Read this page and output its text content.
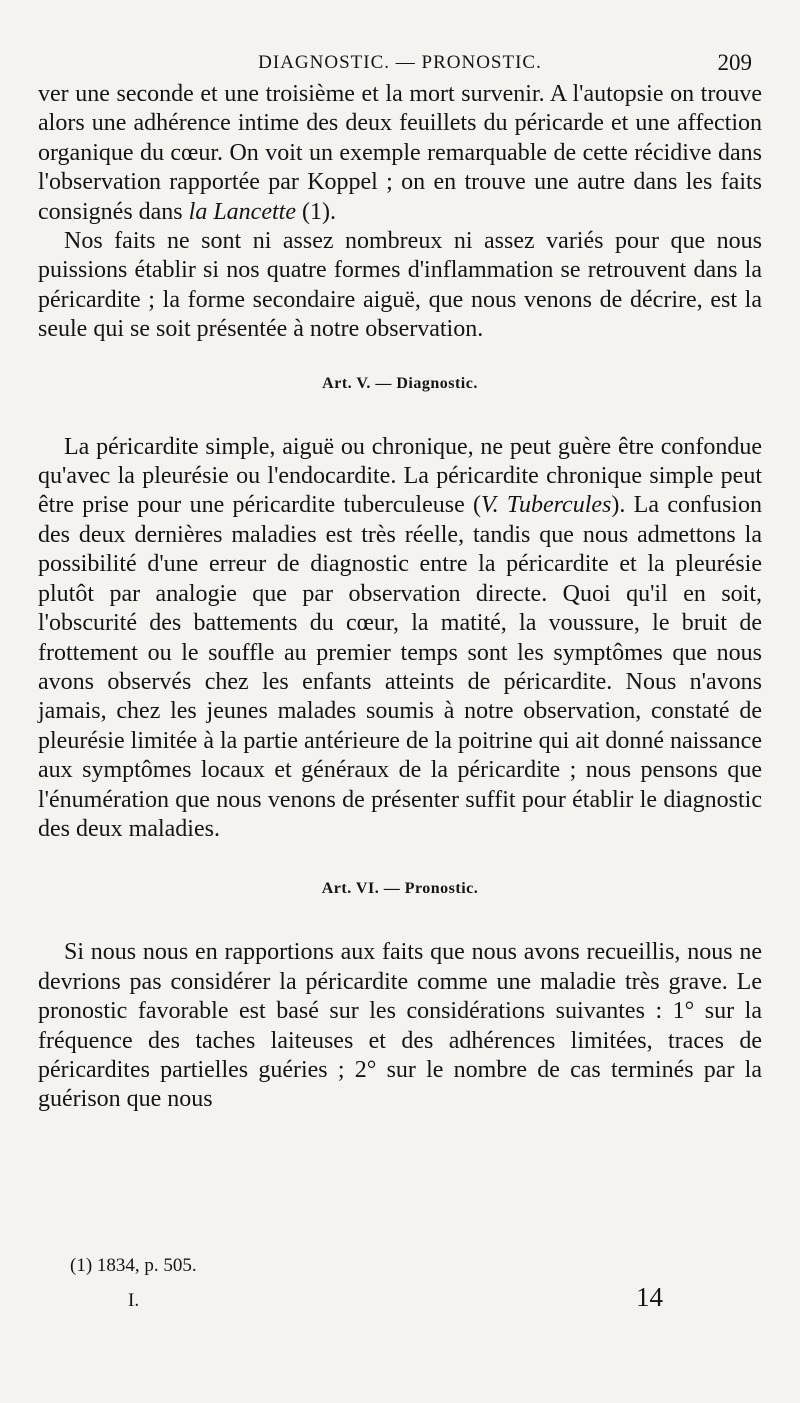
DIAGNOSTIC. — PRONOSTIC.	209

ver une seconde et une troisième et la mort survenir. A l'autopsie on trouve alors une adhérence intime des deux feuillets du péricarde et une affection organique du cœur. On voit un exemple remarquable de cette récidive dans l'observation rapportée par Koppel ; on en trouve une autre dans les faits consignés dans la Lancette (1).

Nos faits ne sont ni assez nombreux ni assez variés pour que nous puissions établir si nos quatre formes d'inflammation se retrouvent dans la péricardite ; la forme secondaire aiguë, que nous venons de décrire, est la seule qui se soit présentée à notre observation.

Art. V. — Diagnostic.

La péricardite simple, aiguë ou chronique, ne peut guère être confondue qu'avec la pleurésie ou l'endocardite. La péricardite chronique simple peut être prise pour une péricardite tuberculeuse (V. Tubercules). La confusion des deux dernières maladies est très réelle, tandis que nous admettons la possibilité d'une erreur de diagnostic entre la péricardite et la pleurésie plutôt par analogie que par observation directe. Quoi qu'il en soit, l'obscurité des battements du cœur, la matité, la voussure, le bruit de frottement ou le souffle au premier temps sont les symptômes que nous avons observés chez les enfants atteints de péricardite. Nous n'avons jamais, chez les jeunes malades soumis à notre observation, constaté de pleurésie limitée à la partie antérieure de la poitrine qui ait donné naissance aux symptômes locaux et généraux de la péricardite ; nous pensons que l'énumération que nous venons de présenter suffit pour établir le diagnostic des deux maladies.

Art. VI. — Pronostic.

Si nous nous en rapportions aux faits que nous avons recueillis, nous ne devrions pas considérer la péricardite comme une maladie très grave. Le pronostic favorable est basé sur les considérations suivantes : 1° sur la fréquence des taches laiteuses et des adhérences limitées, traces de péricardites partielles guéries ; 2° sur le nombre de cas terminés par la guérison que nous

(1) 1834, p. 505.
I.	14
